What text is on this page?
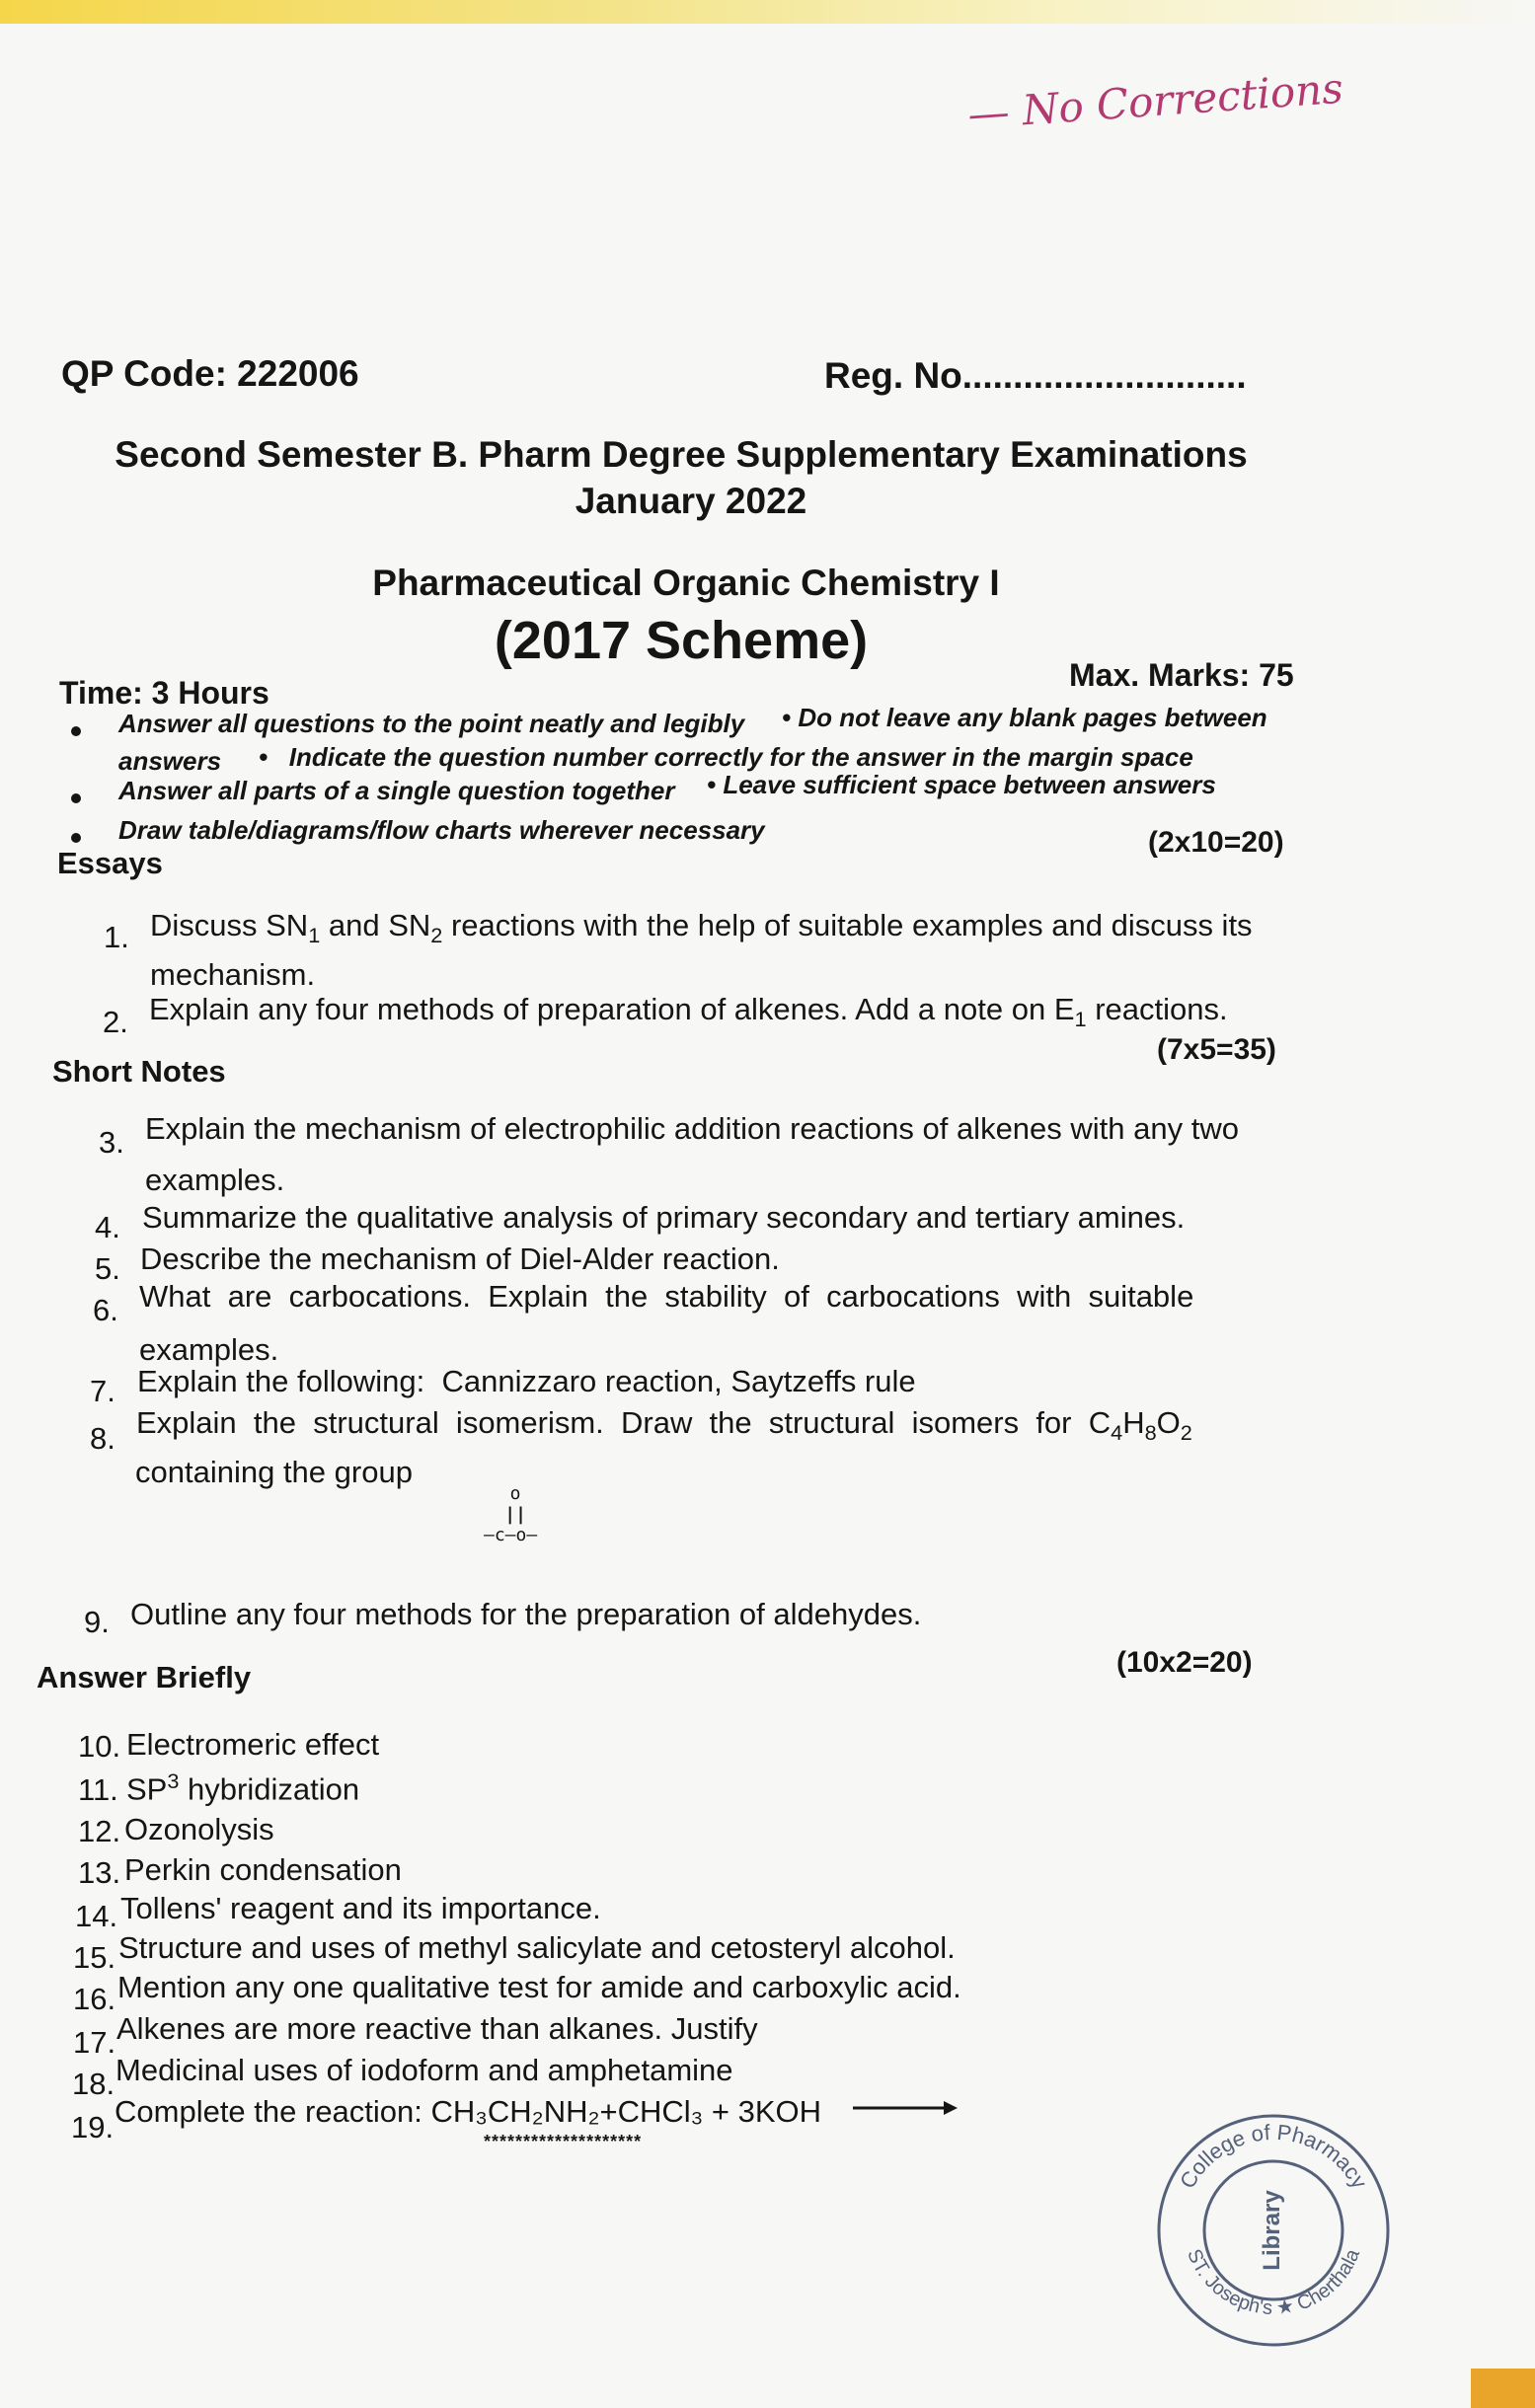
— No Corrections
QP Code: 222006	Reg. No............................
Second Semester B. Pharm Degree Supplementary Examinations
January 2022
Pharmaceutical Organic Chemistry I
(2017 Scheme)
Time: 3 Hours	Max. Marks: 75
Answer all questions to the point neatly and legibly • Do not leave any blank pages between
answers •   Indicate the question number correctly for the answer in the margin space
Answer all parts of a single question together • Leave sufficient space between answers
Draw table/diagrams/flow charts wherever necessary
Essays
(2x10=20)
1. Discuss $SN_1$ and $SN_2$ reactions with the help of suitable examples and discuss its
mechanism.
2. Explain any four methods of preparation of alkenes. Add a note on $E_1$ reactions.
Short Notes
(7x5=35)
3. Explain the mechanism of electrophilic addition reactions of alkenes with any two
examples.
4. Summarize the qualitative analysis of primary secondary and tertiary amines.
5. Describe the mechanism of Diel-Alder reaction.
6. What  are  carbocations.  Explain  the  stability  of  carbocations  with  suitable
examples.
7. Explain the following:  Cannizzaro reaction, Saytzeffs rule
8. Explain  the  structural  isomerism.  Draw  the  structural  isomers  for  $C_4H_8O_2$
containing the group
o
||
—c—o—
9. Outline any four methods for the preparation of aldehydes.
Answer Briefly	(10x2=20)
10. Electromeric effect
11. $SP^3$ hybridization
12. Ozonolysis
13. Perkin condensation
14. Tollens' reagent and its importance.
15. Structure and uses of methyl salicylate and cetosteryl alcohol.
16. Mention any one qualitative test for amide and carboxylic acid.
17. Alkenes are more reactive than alkanes. Justify
18. Medicinal uses of iodoform and amphetamine
19. Complete the reaction: CH₃CH₂NH₂+CHCl₃ + 3KOH
********************
College of Pharmacy
ST. Joseph's ★ Cherthala
Library
